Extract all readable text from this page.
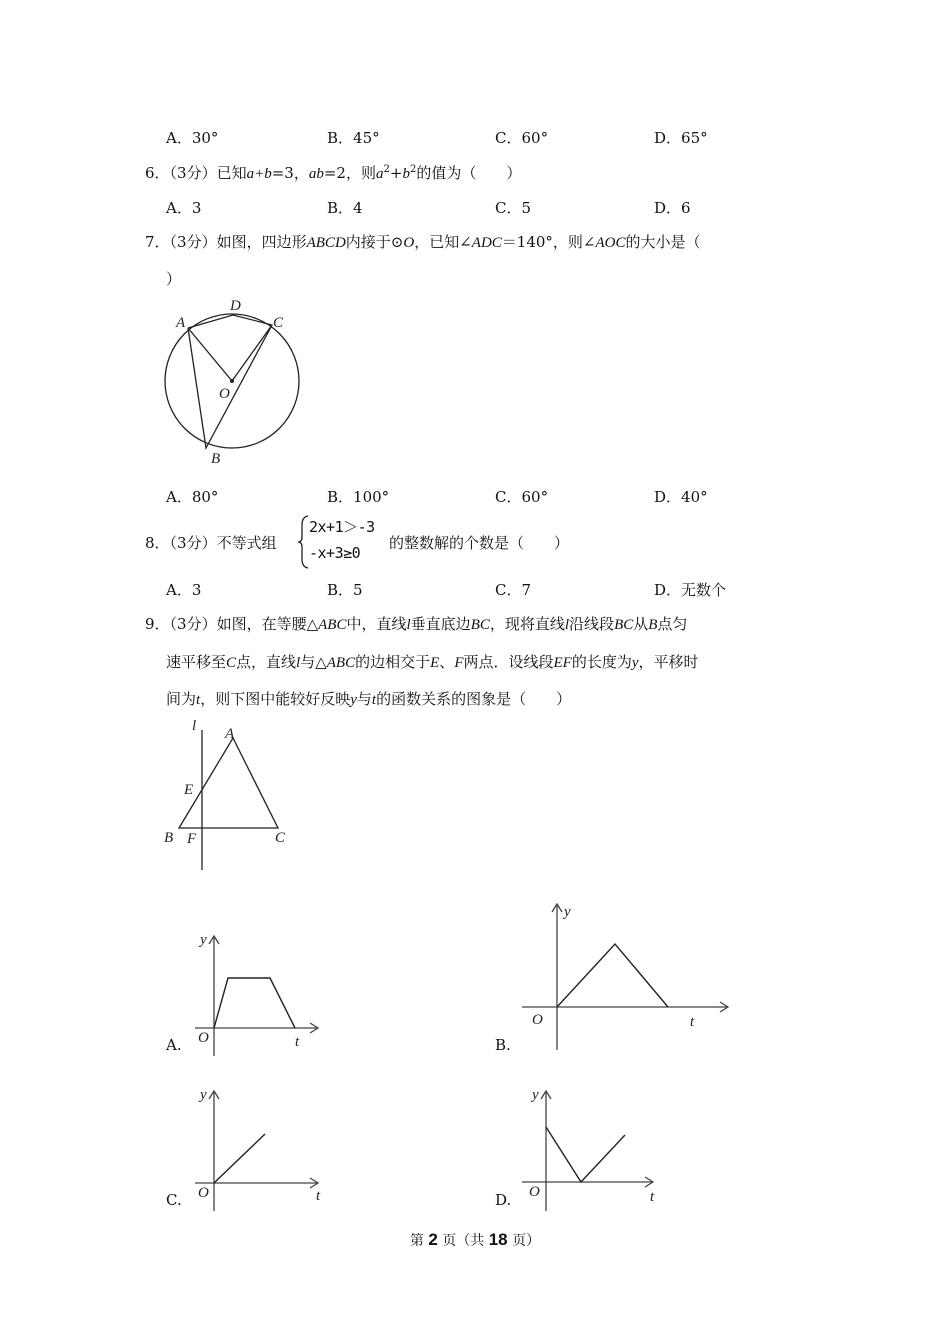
A．30°	B．45°	C．60°	D．65°
6．（3分）已知a+b=3，ab=2，则$a^2+b^2$的值为（　　）
A．3	B．4	C．5	D．6
7．（3分）如图，四边形ABCD内接于⊙O，已知∠ADC＝140°，则∠AOC的大小是（
）
A
D
C
O
B
A．80°	B．100°	C．60°	D．40°
8．（3分）不等式组
2x+1＞-3
-x+3≥0
的整数解的个数是（　　）
A．3	B．5	C．7	D．无数个
9．（3分）如图，在等腰△ABC中，直线l垂直底边BC，现将直线l沿线段BC从B点匀
速平移至C点，直线l与△ABC的边相交于E、F两点．设线段EF的长度为y，平移时
间为t，则下图中能较好反映y与t的函数关系的图象是（　　）
l A
E
B F	C
A.
y
t
O	B.
y
t
O
C.
y
t
O	D.
y
t
O
第 2 页（共 18 页）
